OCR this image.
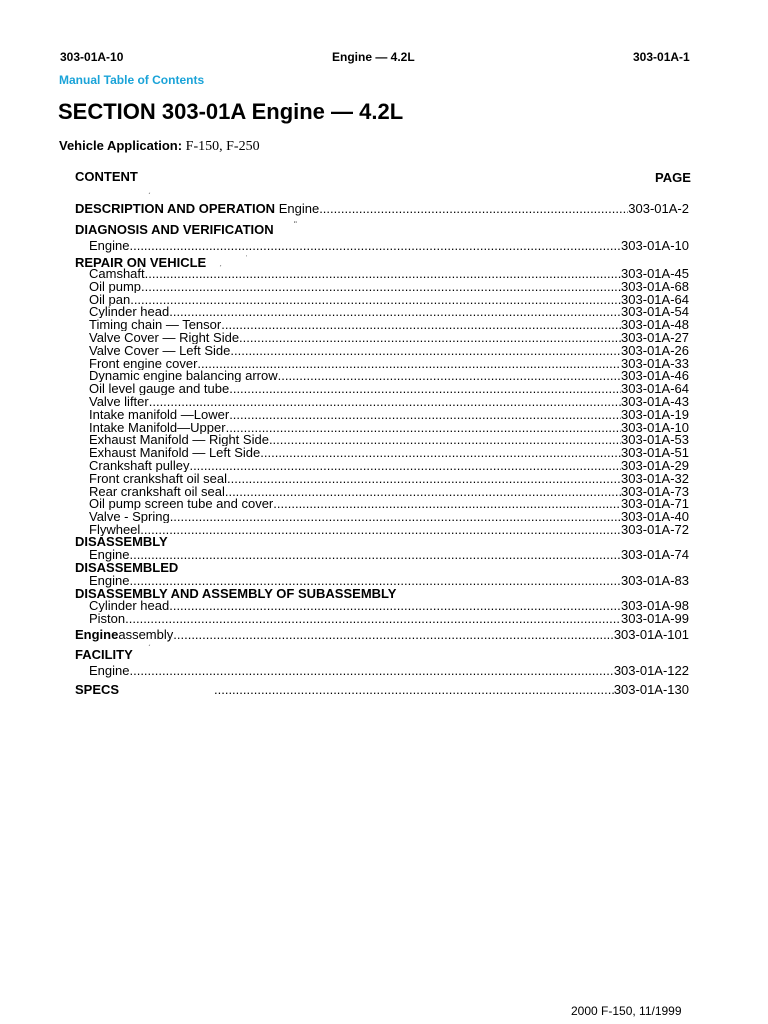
303-01A-10	Engine — 4.2L	303-01A-1
Manual Table of Contents
SECTION 303-01A Engine — 4.2L
Vehicle Application: F-150, F-250
CONTENT	PAGE
ˊ
DESCRIPTION AND OPERATION
Engine .....	303-01A-2
DIAGNOSIS AND VERIFICATION	ʺ
Engine .....	303-01A-10
REPAIR ON VEHICLE ˏ	ˈ
Camshaft .....	303-01A-45
Oil pump .....	303-01A-68
Oil pan .....	303-01A-64
Cylinder head .....	303-01A-54
Timing chain — Tensor .....	303-01A-48
Valve Cover — Right Side .....	303-01A-27
Valve Cover — Left Side .....	303-01A-26
Front engine cover .....	303-01A-33
Dynamic engine balancing arrow .....	303-01A-46
Oil level gauge and tube .....	303-01A-64
Valve lifter .....	303-01A-43
Intake manifold —Lower .....	303-01A-19
Intake Manifold—Upper .....	303-01A-10
Exhaust Manifold — Right Side .....	303-01A-53
Exhaust Manifold — Left Side .....	303-01A-51
Crankshaft pulley .....	303-01A-29
Front crankshaft oil seal .....	303-01A-32
Rear crankshaft oil seal .....	303-01A-73
Oil pump screen tube and cover .....	303-01A-71
Valve - Spring .....	303-01A-40
Flywheel .....	303-01A-72
DISASSEMBLY
Engine .....	303-01A-74
DISASSEMBLED
Engine .....	303-01A-83
DISASSEMBLY AND ASSEMBLY OF SUBASSEMBLY
Cylinder head .....	303-01A-98
Piston .....	303-01A-99
Engine assembly .....	303-01A-101
FACILITY ˊ
Engine .....	303-01A-122
SPECS .....	303-01A-130
2000 F-150, 11/1999
